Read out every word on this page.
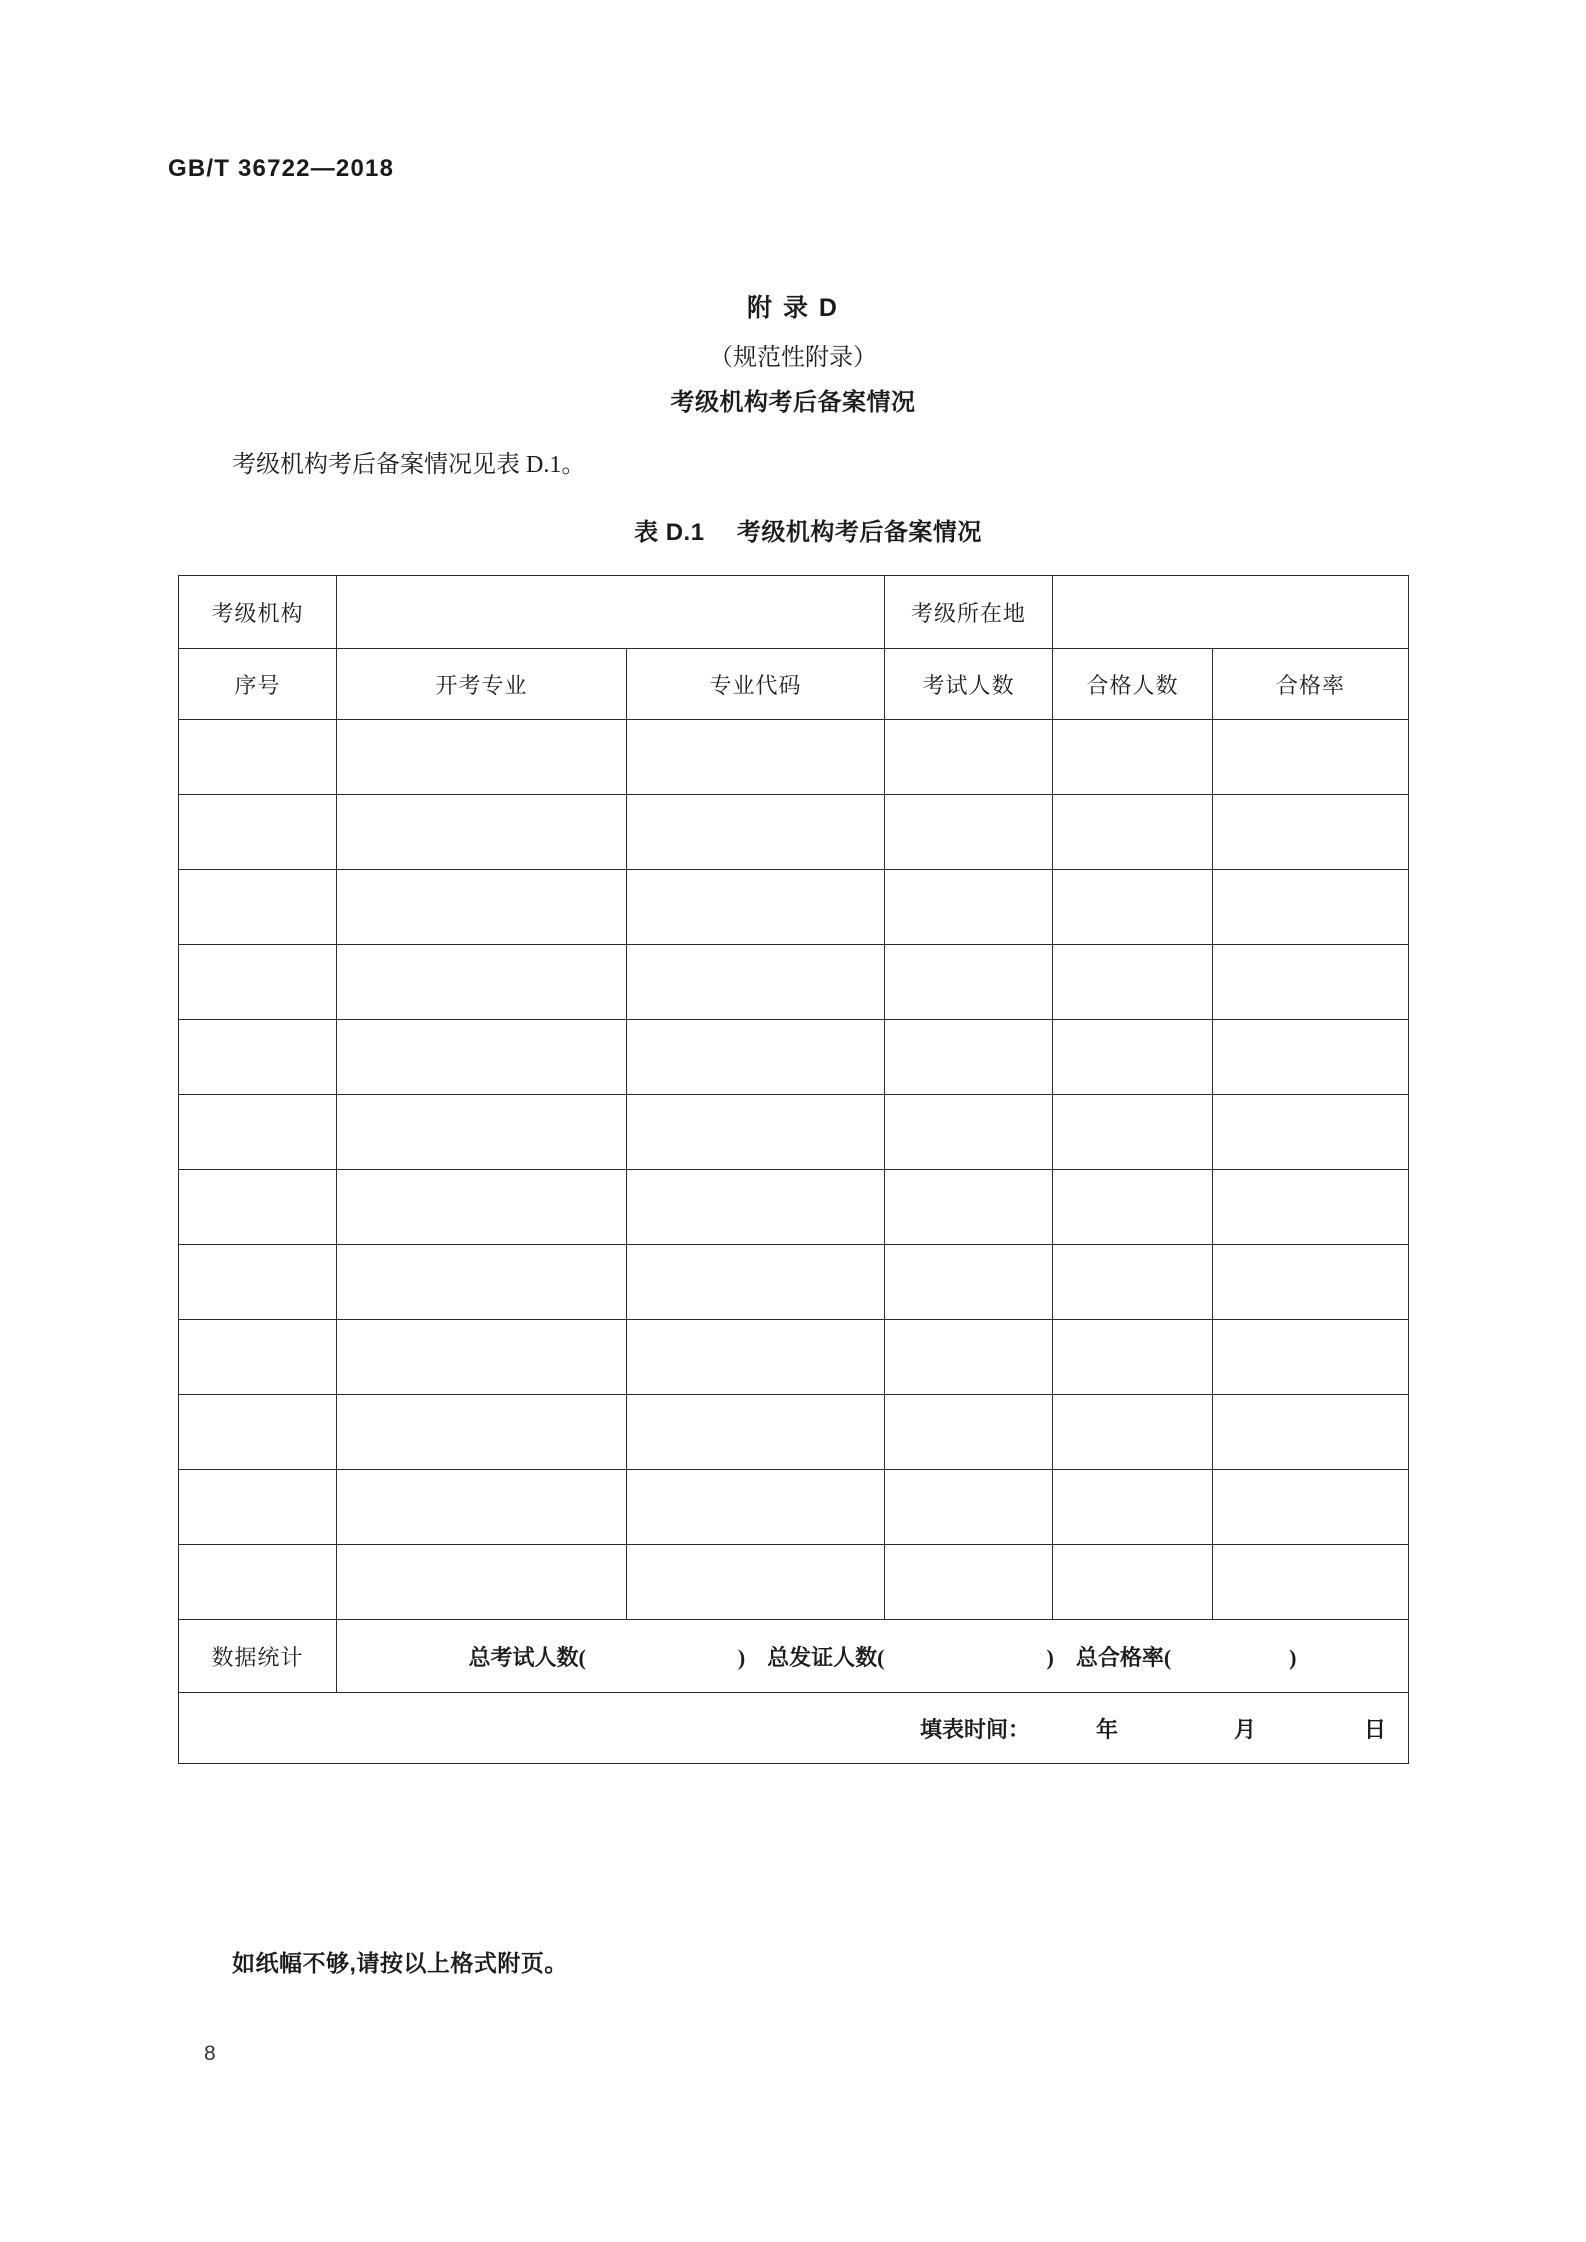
GB/T 36722—2018
附 录 D
（规范性附录）
考级机构考后备案情况
考级机构考后备案情况见表 D.1。
表 D.1 考级机构考后备案情况
考级机构			考级所在地		
序号	开考专业	专业代码	考试人数	合格人数	合格率

数据统计	总考试人数( ) 总发证人数( ) 总合格率( )				

填表时间： 年 月 日					
如纸幅不够,请按以上格式附页。
8
